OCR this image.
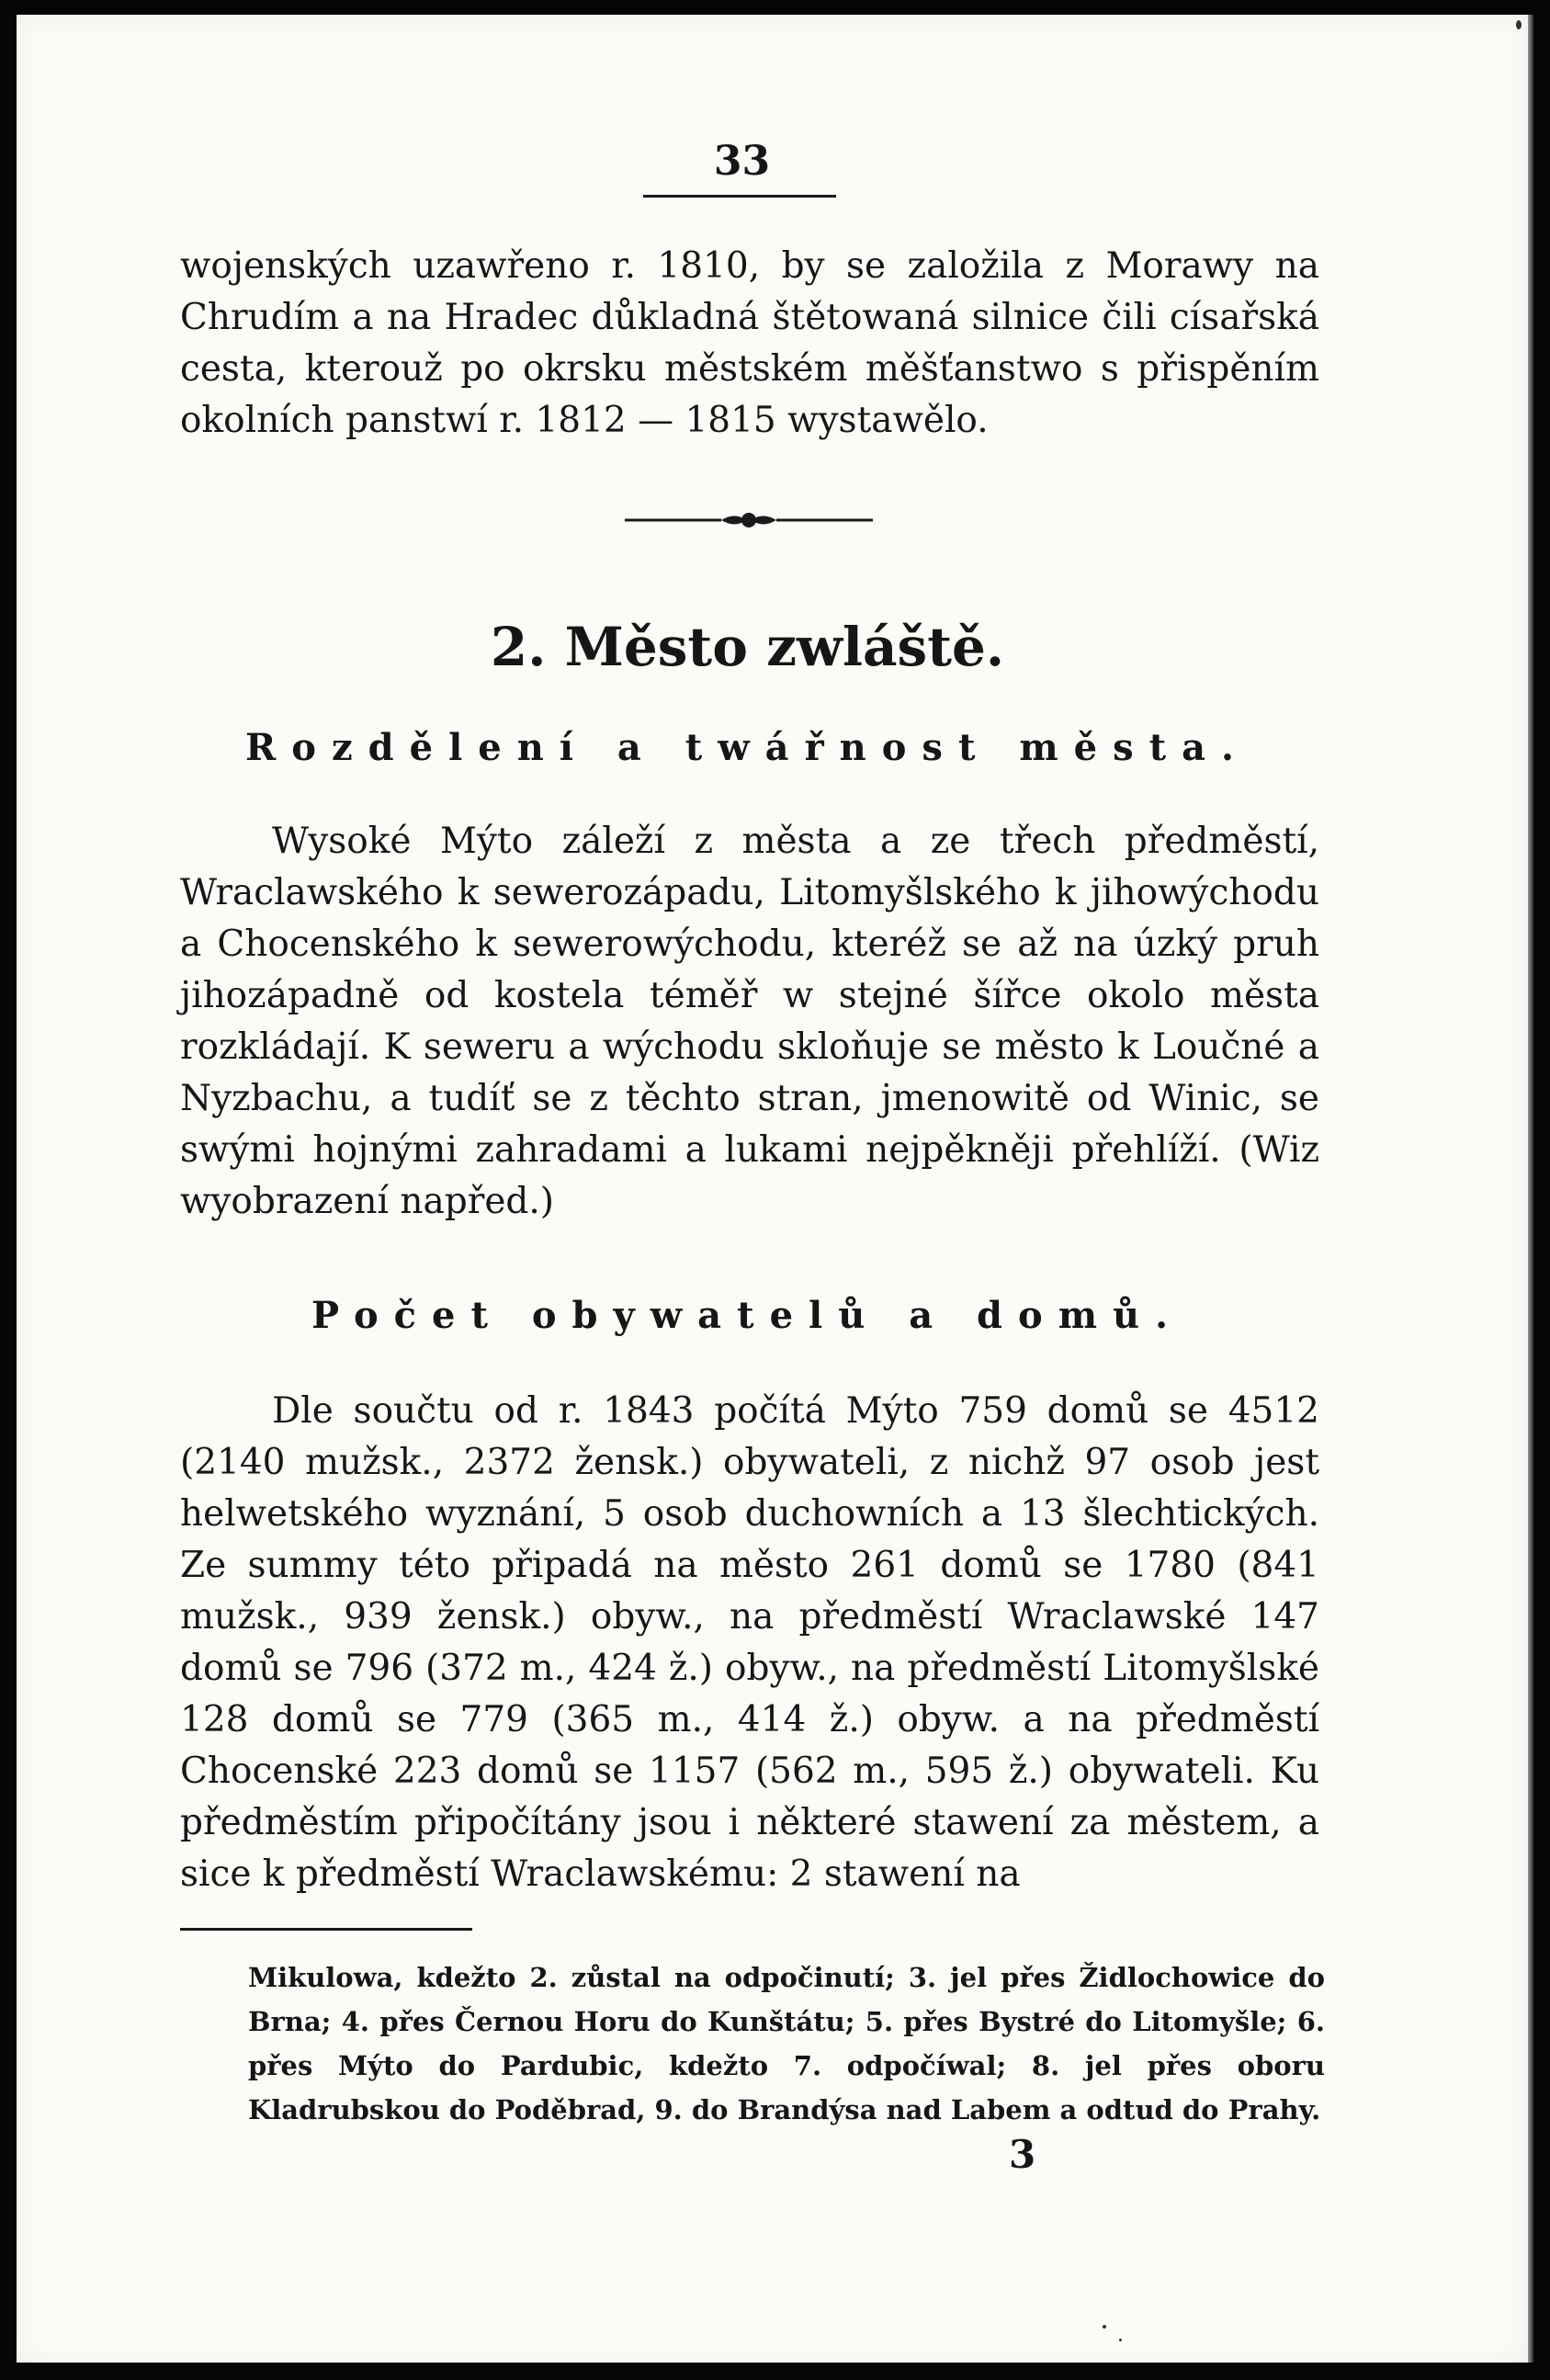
33

wojenských uzawřeno r. 1810, by se založila z Morawy na Chrudím a na Hradec důkladná štětowaná silnice čili císařská cesta, kterouž po okrsku městském měšťanstwo s přispěním okolních panstwí r. 1812 — 1815 wystawělo.

2. Město zwláště.
Rozdělení a twářnost města.

Wysoké Mýto záleží z města a ze třech předměstí, Wraclawského k sewerozápadu, Litomyšlského k jihowýchodu a Chocenského k sewerowýchodu, kteréž se až na úzký pruh jihozápadně od kostela téměř w stejné šířce okolo města rozkládají. K seweru a wýchodu skloňuje se město k Loučné a Nyzbachu, a tudíť se z těchto stran, jmenowitě od Winic, se swými hojnými zahradami a lukami nejpěkněji přehlíží. (Wiz wyobrazení napřed.)

Počet obywatelů a domů.

Dle součtu od r. 1843 počítá Mýto 759 domů se 4512 (2140 mužsk., 2372 žensk.) obywateli, z nichž 97 osob jest helwetského wyznání, 5 osob duchowních a 13 šlechtických. Ze summy této připadá na město 261 domů se 1780 (841 mužsk., 939 žensk.) obyw., na předměstí Wraclawské 147 domů se 796 (372 m., 424 ž.) obyw., na předměstí Litomyšlské 128 domů se 779 (365 m., 414 ž.) obyw. a na předměstí Chocenské 223 domů se 1157 (562 m., 595 ž.) obywateli. Ku předměstím připočítány jsou i některé stawení za městem, a sice k předměstí Wraclawskému: 2 stawení na

Mikulowa, kdežto 2. zůstal na odpočinutí; 3. jel přes Židlochowice do Brna; 4. přes Černou Horu do Kunštátu; 5. přes Bystré do Litomyšle; 6. přes Mýto do Pardubic, kdežto 7. odpočíwal; 8. jel přes oboru Kladrubskou do Poděbrad, 9. do Brandýsa nad Labem a odtud do Prahy.
3
